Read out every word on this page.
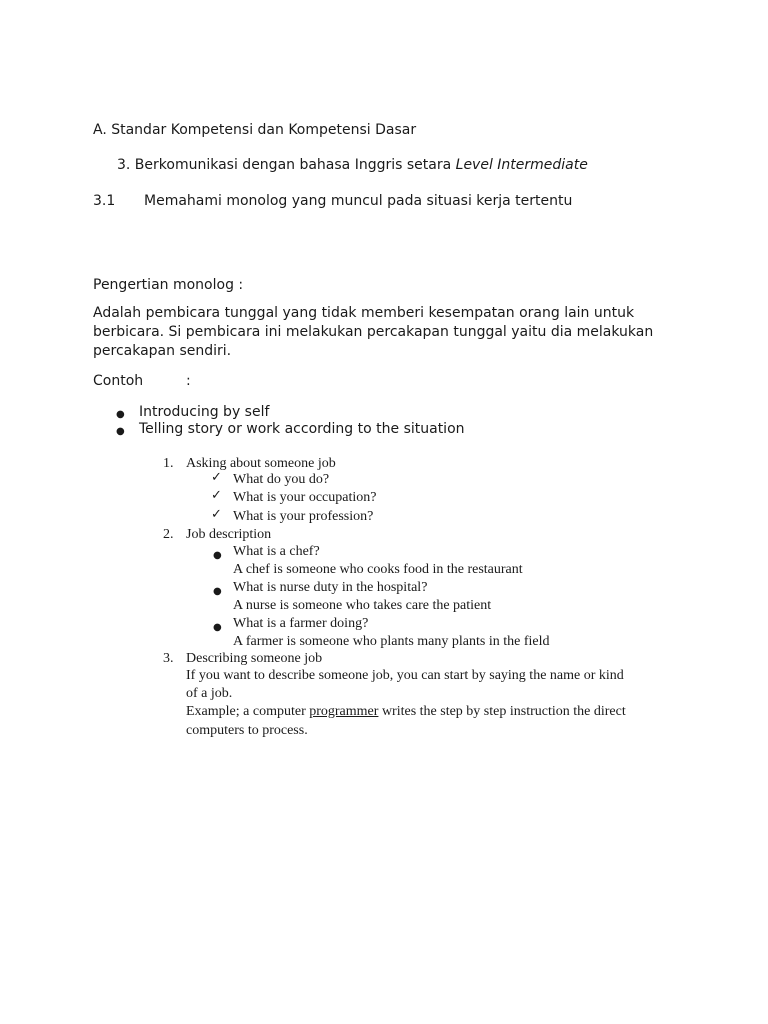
A. Standar Kompetensi dan Kompetensi Dasar
3. Berkomunikasi dengan bahasa Inggris setara Level Intermediate
3.1 Memahami monolog yang muncul pada situasi kerja tertentu
Pengertian monolog :
Adalah pembicara tunggal yang tidak memberi kesempatan orang lain untuk
berbicara. Si pembicara ini melakukan percakapan tunggal yaitu dia melakukan
percakapan sendiri.
Contoh	:
● Introducing by self
● Telling story or work according to the situation
1. Asking about someone job
✓ What do you do?
✓ What is your occupation?
✓ What is your profession?
2. Job description
● What is a chef?
A chef is someone who cooks food in the restaurant
● What is nurse duty in the hospital?
A nurse is someone who takes care the patient
● What is a farmer doing?
A farmer is someone who plants many plants in the field
3. Describing someone job
If you want to describe someone job, you can start by saying the name or kind
of a job.
Example; a computer programmer writes the step by step instruction the direct
computers to process.
